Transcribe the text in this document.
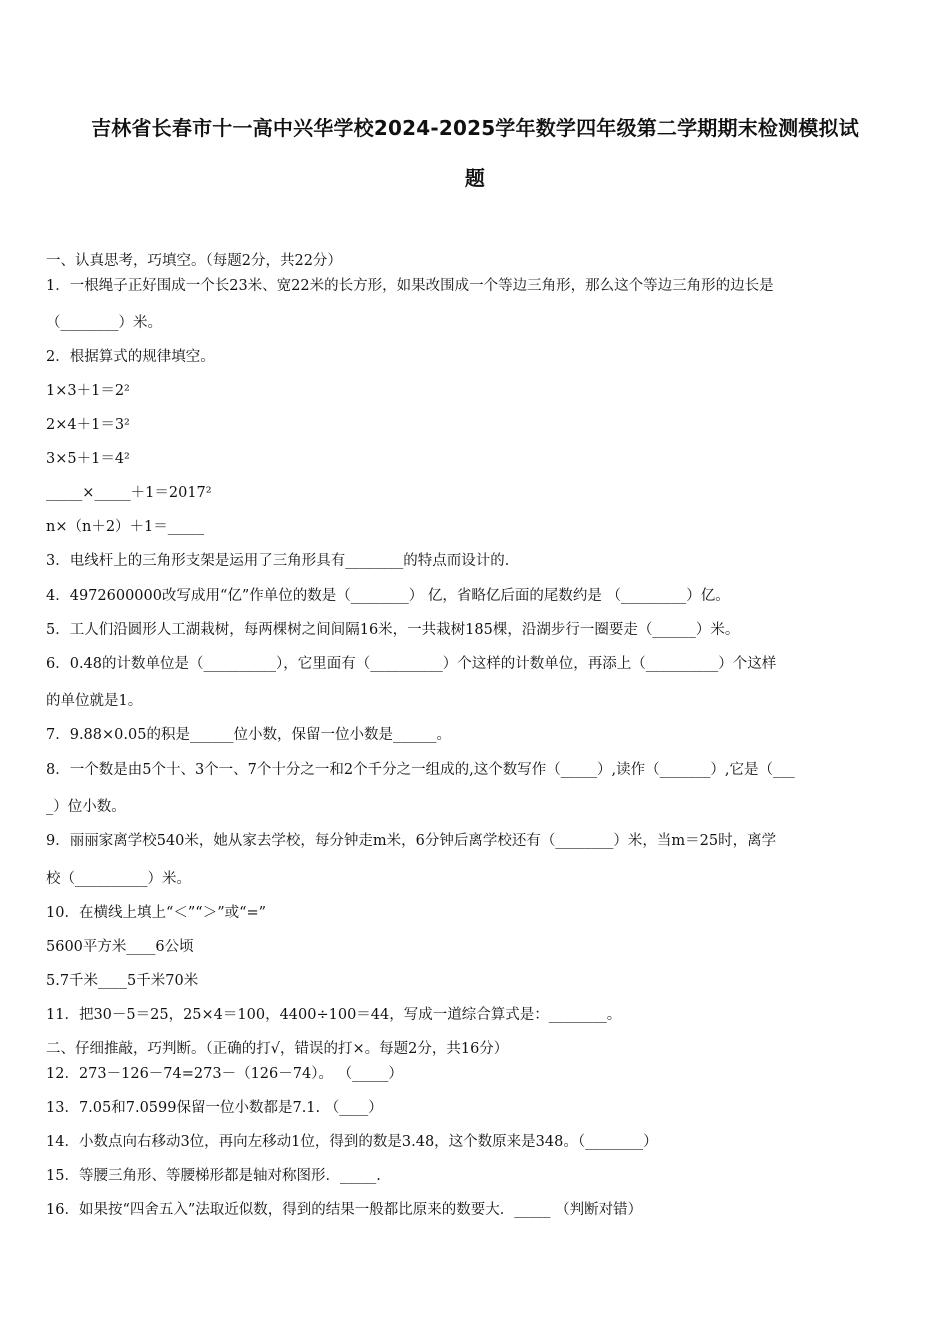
吉林省长春市十一高中兴华学校2024-2025学年数学四年级第二学期期末检测模拟试
题
一、认真思考，巧填空。（每题2分，共22分）
1．一根绳子正好围成一个长23米、宽22米的长方形，如果改围成一个等边三角形，那么这个等边三角形的边长是
（________）米。
2．根据算式的规律填空。
1×3＋1＝2²
2×4＋1＝3²
3×5＋1＝4²
_____×_____＋1＝2017²
n×（n＋2）＋1＝_____
3．电线杆上的三角形支架是运用了三角形具有________的特点而设计的．
4．4972600000改写成用“亿”作单位的数是（________） 亿，省略亿后面的尾数约是 （_________）亿。
5．工人们沿圆形人工湖栽树，每两棵树之间间隔16米，一共栽树185棵，沿湖步行一圈要走（______）米。
6．0.48的计数单位是（__________），它里面有（__________）个这样的计数单位，再添上（__________）个这样
的单位就是1。
7．9.88×0.05的积是______位小数，保留一位小数是______。
8．一个数是由5个十、3个一、7个十分之一和2个千分之一组成的,这个数写作（_____）,读作（_______）,它是（___
_）位小数。
9．丽丽家离学校540米，她从家去学校，每分钟走m米，6分钟后离学校还有（________）米，当m＝25时，离学
校（__________）米。
10．在横线上填上“＜”“＞”或“=”
5600平方米____6公顷
5.7千米____5千米70米
11．把30－5＝25，25×4＝100，4400÷100＝44，写成一道综合算式是：________。
二、仔细推敲，巧判断。（正确的打√，错误的打×。每题2分，共16分）
12．273－126－74=273－（126－74）。 （_____）
13．7.05和7.0599保留一位小数都是7.1. （____）
14．小数点向右移动3位，再向左移动1位，得到的数是3.48，这个数原来是348。（________）
15．等腰三角形、等腰梯形都是轴对称图形．_____.
16．如果按“四舍五入”法取近似数，得到的结果一般都比原来的数要大．_____ （判断对错）
